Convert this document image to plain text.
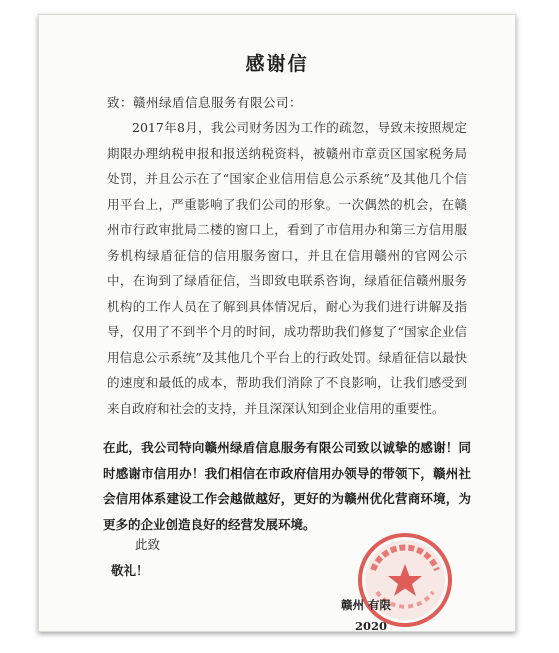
感谢信
致：赣州绿盾信息服务有限公司：
2017年8月，我公司财务因为工作的疏忽，导致未按照规定期限办理纳税申报和报送纳税资料，被赣州市章贡区国家税务局处罚，并且公示在了“国家企业信用信息公示系统”及其他几个信用平台上，严重影响了我们公司的形象。一次偶然的机会，在赣州市行政审批局二楼的窗口上，看到了市信用办和第三方信用服务机构绿盾征信的信用服务窗口，并且在信用赣州的官网公示中，在询到了绿盾征信，当即致电联系咨询，绿盾征信赣州服务机构的工作人员在了解到具体情况后，耐心为我们进行讲解及指导，仅用了不到半个月的时间，成功帮助我们修复了“国家企业信用信息公示系统”及其他几个平台上的行政处罚。绿盾征信以最快的速度和最低的成本，帮助我们消除了不良影响，让我们感受到来自政府和社会的支持，并且深深认知到企业信用的重要性。
在此，我公司特向赣州绿盾信息服务有限公司致以诚挚的感谢！同时感谢市信用办！我们相信在市政府信用办领导的带领下，赣州社会信用体系建设工作会越做越好，更好的为赣州优化营商环境，为更多的企业创造良好的经营发展环境。
此致
敬礼！
赣州 有限
2020
